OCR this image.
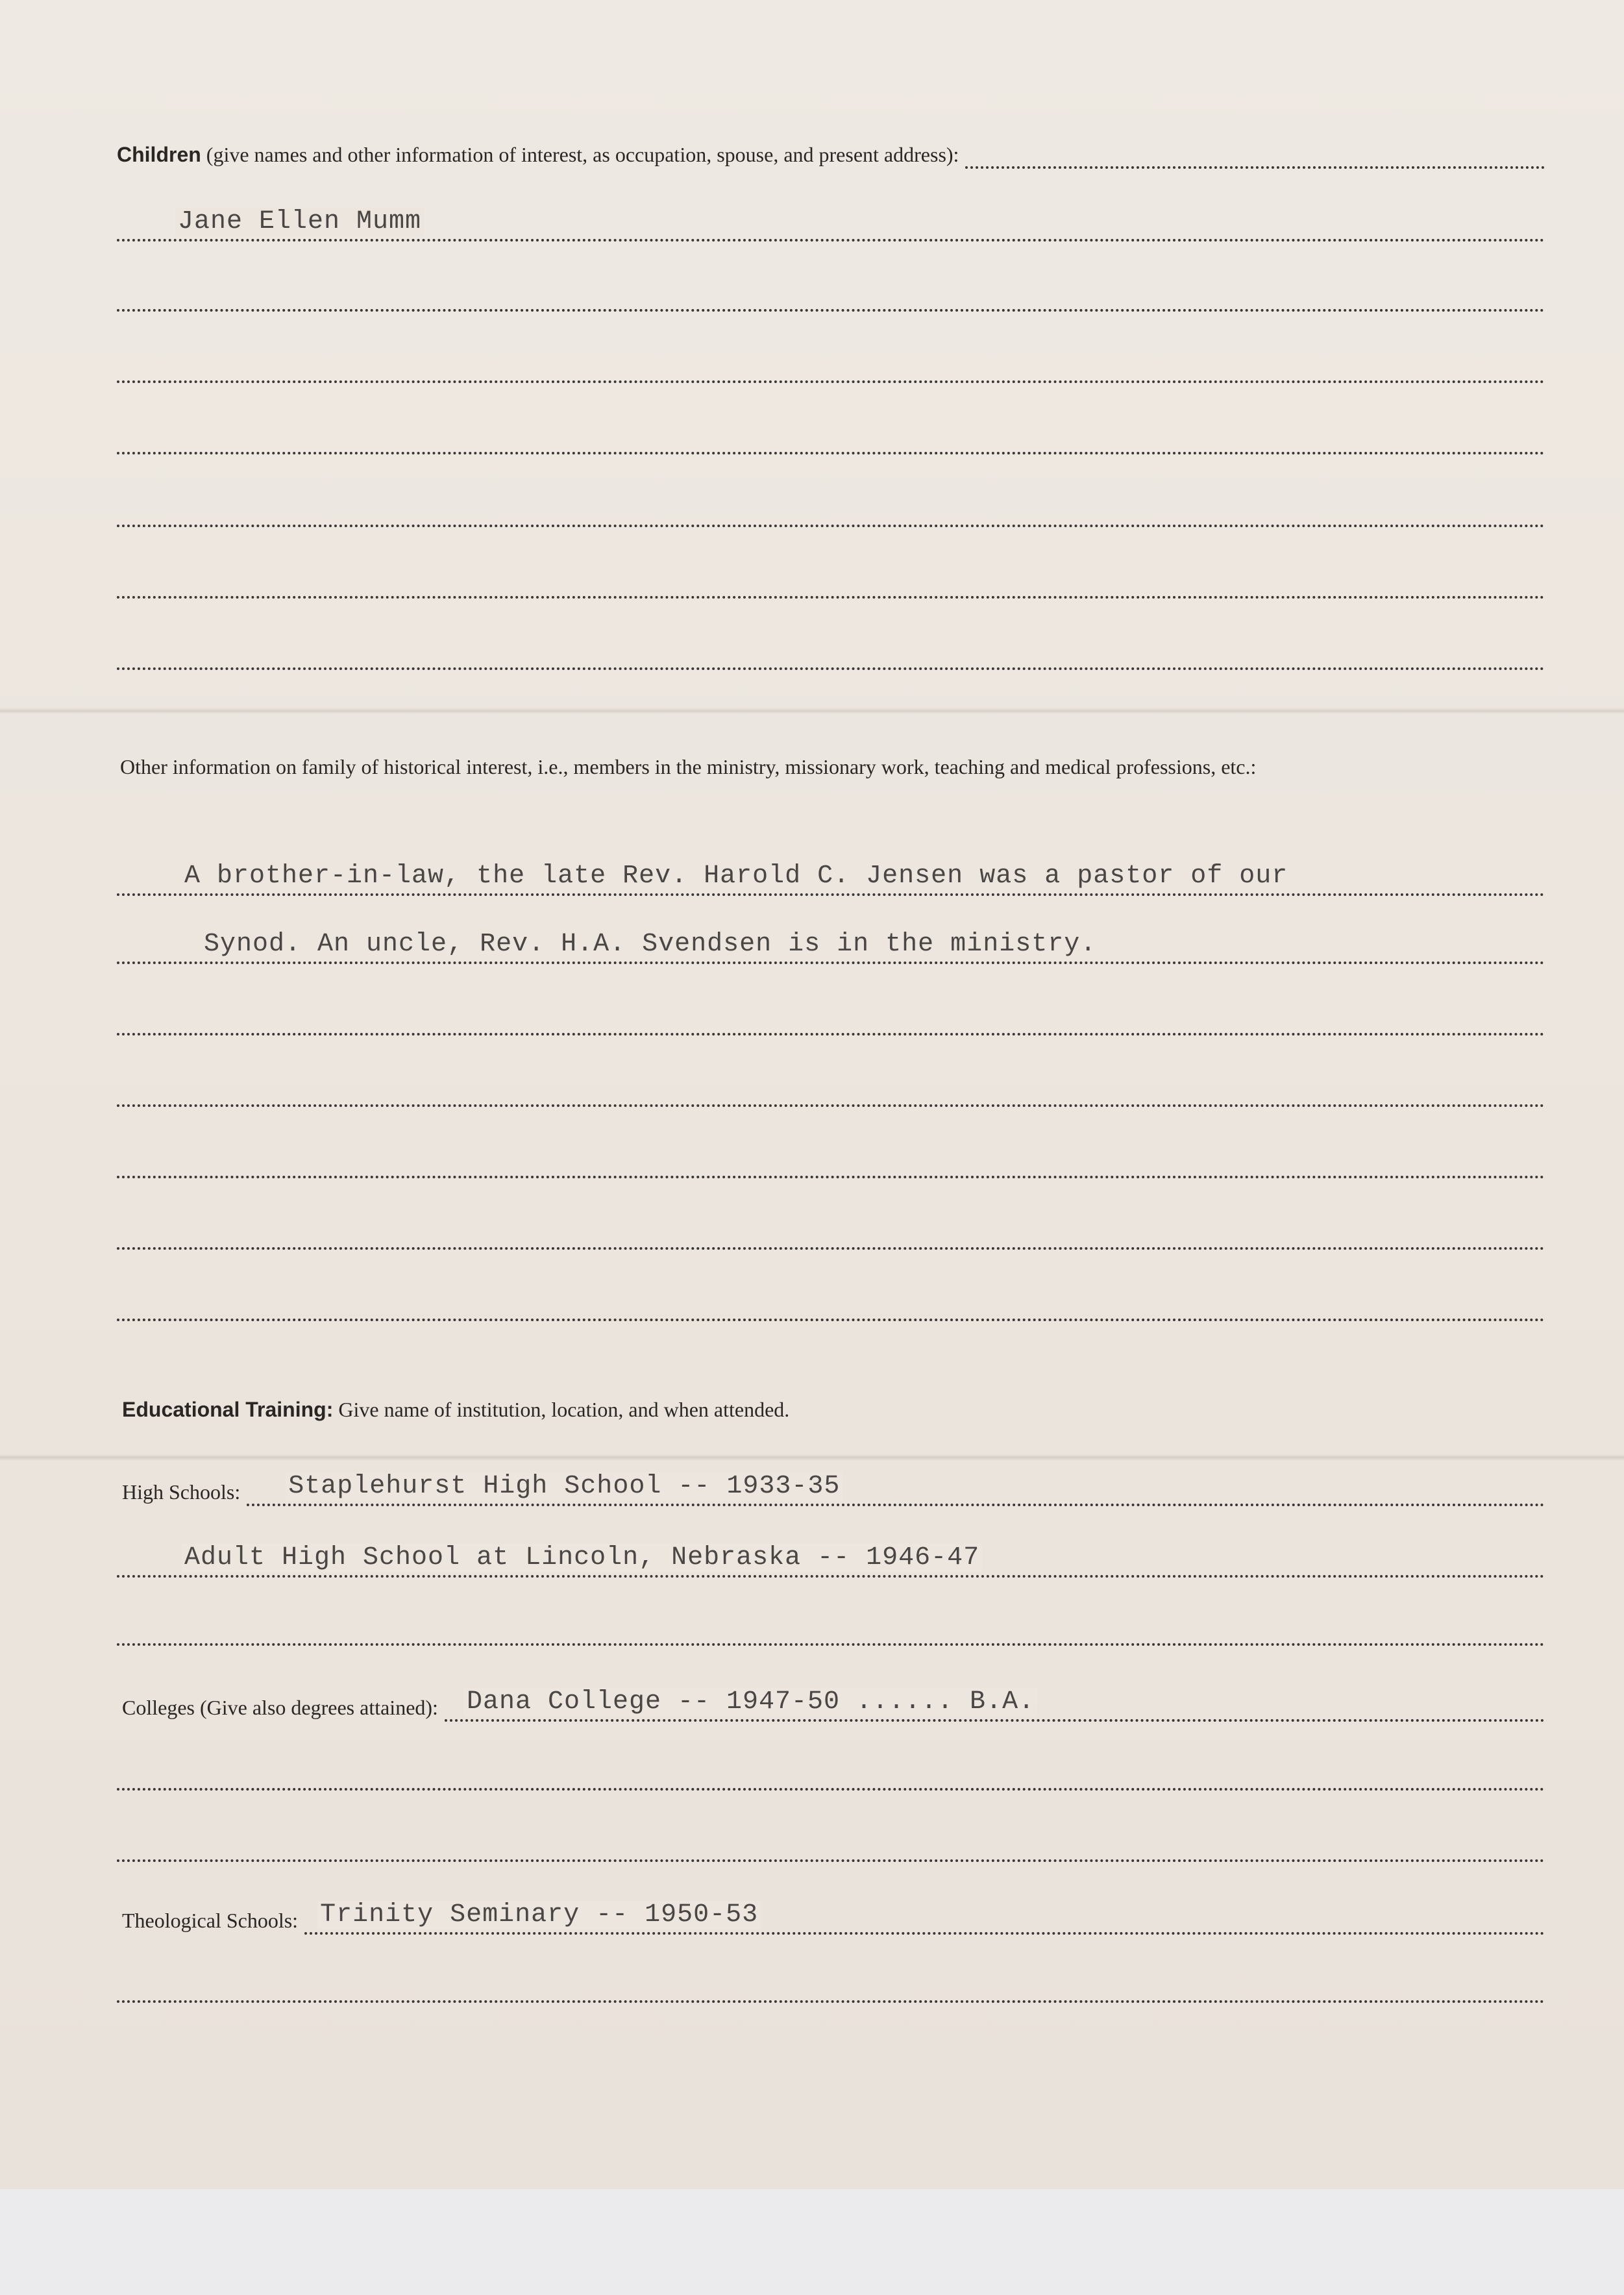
Children (give names and other information of interest, as occupation, spouse, and present address):
Jane Ellen Mumm
Other information on family of historical interest, i.e., members in the ministry, missionary work, teaching and medical professions, etc.:
A brother-in-law, the late Rev. Harold C. Jensen was a pastor of our
Synod. An uncle, Rev. H.A. Svendsen is in the ministry.
Educational Training: Give name of institution, location, and when attended.
High Schools: Staplehurst High School -- 1933-35
Adult High School at Lincoln, Nebraska -- 1946-47
Colleges (Give also degrees attained): Dana College -- 1947-50 ...... B.A.
Theological Schools: Trinity Seminary -- 1950-53
